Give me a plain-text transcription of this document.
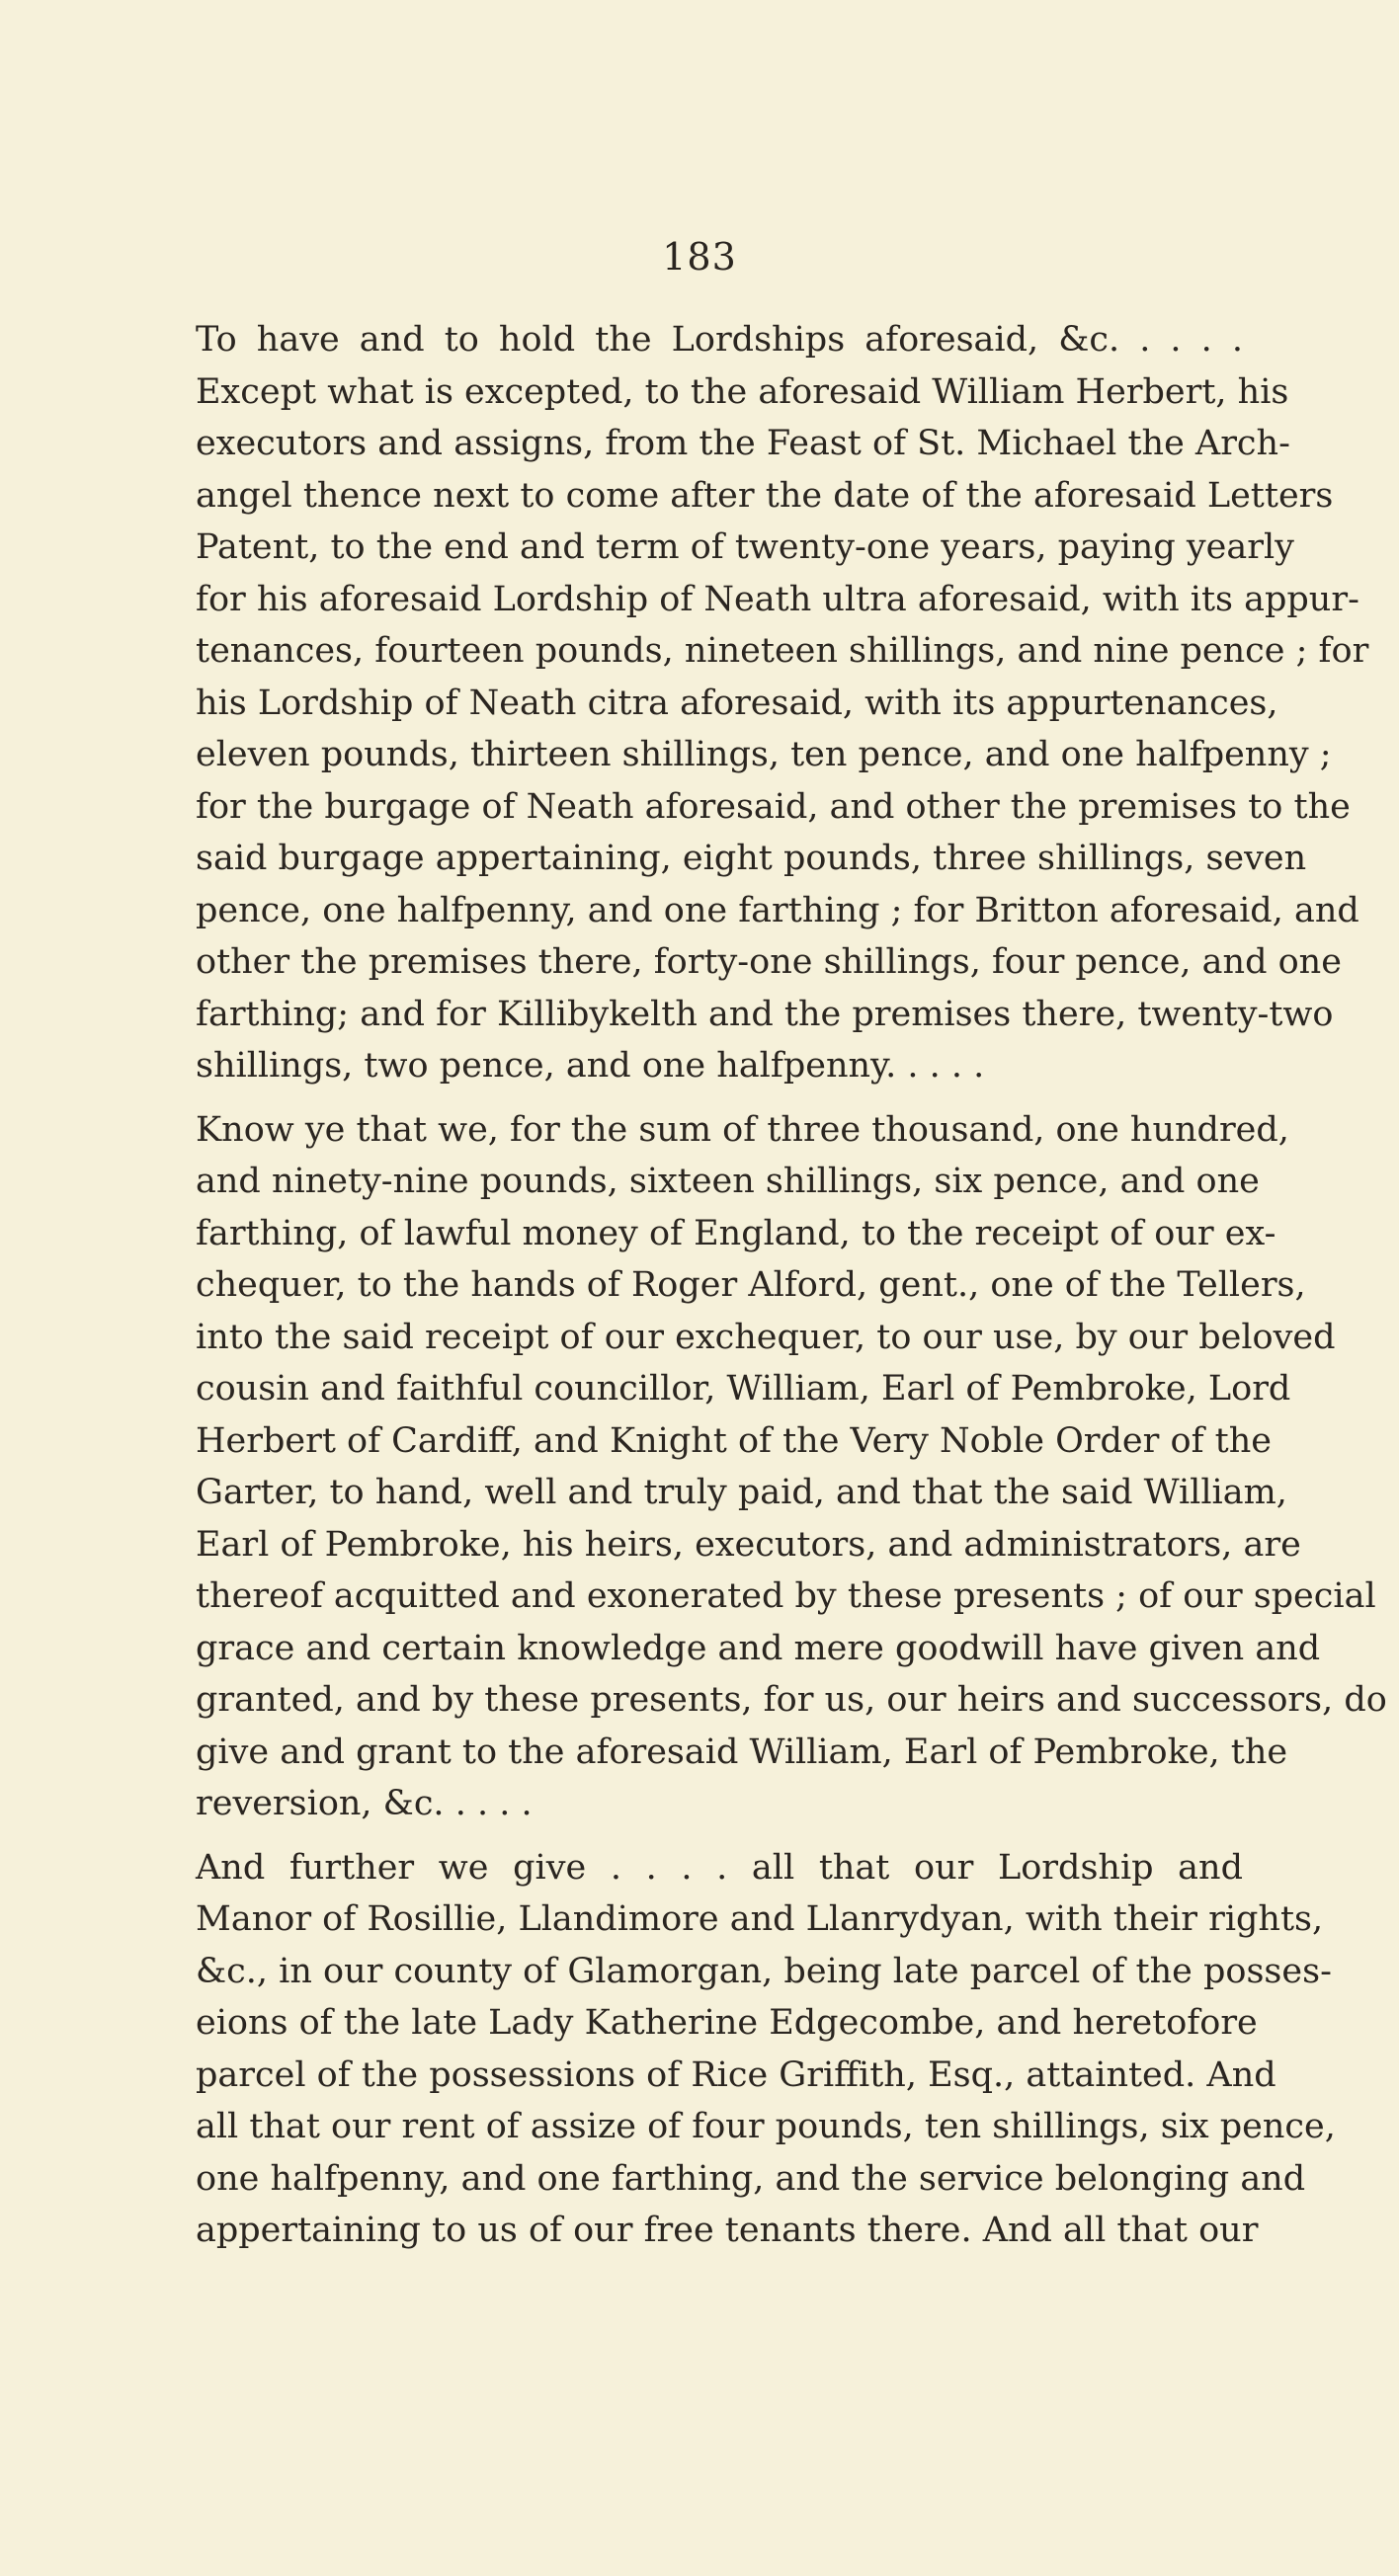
183
To have and to hold the Lordships aforesaid, &c. . . . .
Except what is excepted, to the aforesaid William Herbert, his
executors and assigns, from the Feast of St. Michael the Arch-
angel thence next to come after the date of the aforesaid Letters
Patent, to the end and term of twenty-one years, paying yearly
for his aforesaid Lordship of Neath ultra aforesaid, with its appur-
tenances, fourteen pounds, nineteen shillings, and nine pence ; for
his Lordship of Neath citra aforesaid, with its appurtenances,
eleven pounds, thirteen shillings, ten pence, and one halfpenny ;
for the burgage of Neath aforesaid, and other the premises to the
said burgage appertaining, eight pounds, three shillings, seven
pence, one halfpenny, and one farthing ; for Britton aforesaid, and
other the premises there, forty-one shillings, four pence, and one
farthing; and for Killibykelth and the premises there, twenty-two
shillings, two pence, and one halfpenny. . . . .
Know ye that we, for the sum of three thousand, one hundred,
and ninety-nine pounds, sixteen shillings, six pence, and one
farthing, of lawful money of England, to the receipt of our ex-
chequer, to the hands of Roger Alford, gent., one of the Tellers,
into the said receipt of our exchequer, to our use, by our beloved
cousin and faithful councillor, William, Earl of Pembroke, Lord
Herbert of Cardiff, and Knight of the Very Noble Order of the
Garter, to hand, well and truly paid, and that the said William,
Earl of Pembroke, his heirs, executors, and administrators, are
thereof acquitted and exonerated by these presents ; of our special
grace and certain knowledge and mere goodwill have given and
granted, and by these presents, for us, our heirs and successors, do
give and grant to the aforesaid William, Earl of Pembroke, the
reversion, &c. . . . .
And further we give . . . . all that our Lordship and
Manor of Rosillie, Llandimore and Llanrydyan, with their rights,
&c., in our county of Glamorgan, being late parcel of the posses-
eions of the late Lady Katherine Edgecombe, and heretofore
parcel of the possessions of Rice Griffith, Esq., attainted. And
all that our rent of assize of four pounds, ten shillings, six pence,
one halfpenny, and one farthing, and the service belonging and
appertaining to us of our free tenants there. And all that our
